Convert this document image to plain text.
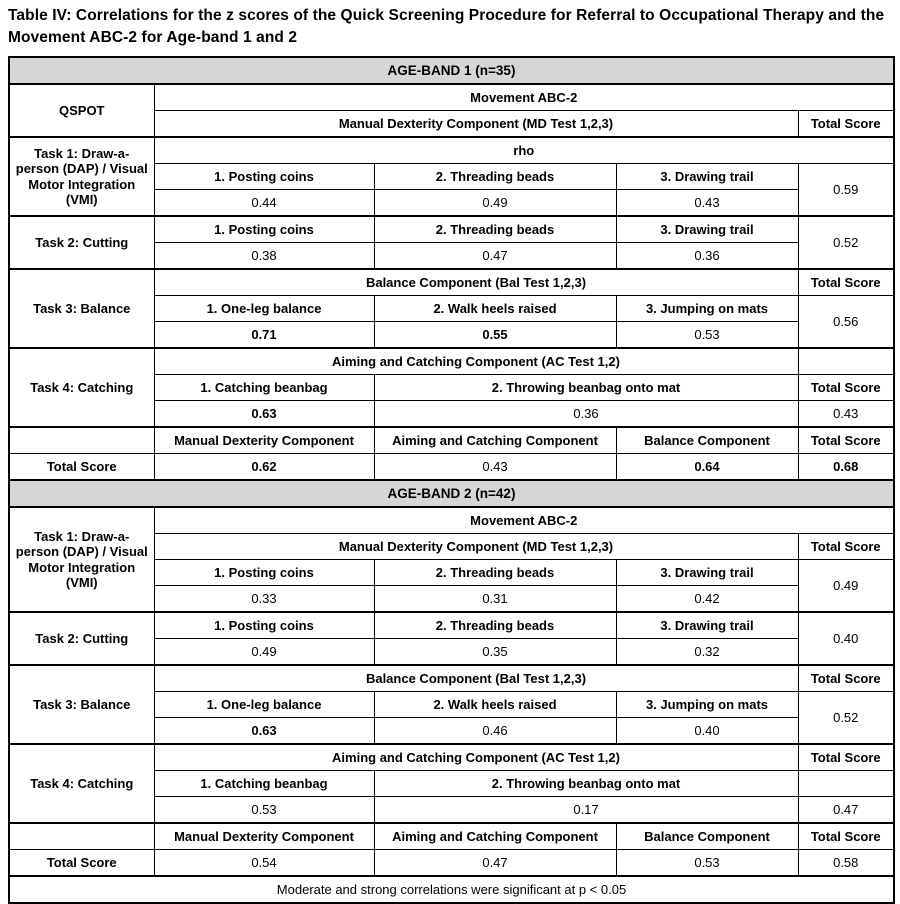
Table IV: Correlations for the z scores of the Quick Screening Procedure for Referral to Occupational Therapy and the Movement ABC-2 for Age-band 1 and 2
AGE-BAND 1 (n=35)				
QSPOT	Movement ABC-2			
	Manual Dexterity Component (MD Test 1,2,3)			Total Score
Task 1: Draw-a-person (DAP) / Visual Motor Integration (VMI)	rho			
	1. Posting coins	2. Threading beads	3. Drawing trail	0.59
	0.44	0.49	0.43	
Task 2: Cutting	1. Posting coins	2. Threading beads	3. Drawing trail	0.52
	0.38	0.47	0.36	
Task 3: Balance	Balance Component (Bal Test 1,2,3)			Total Score
	1. One-leg balance	2. Walk heels raised	3. Jumping on mats	0.56
	0.71	0.55	0.53	
Task 4: Catching	Aiming and Catching Component (AC Test 1,2)			
	1. Catching beanbag	2. Throwing beanbag onto mat		Total Score
	0.63	0.36		0.43
	Manual Dexterity Component	Aiming and Catching Component	Balance Component	Total Score
Total Score	0.62	0.43	0.64	0.68
AGE-BAND 2 (n=42)				
Task 1: Draw-a-person (DAP) / Visual Motor Integration (VMI)	Movement ABC-2			
	Manual Dexterity Component (MD Test 1,2,3)			Total Score
	1. Posting coins	2. Threading beads	3. Drawing trail	0.49
	0.33	0.31	0.42	
Task 2: Cutting	1. Posting coins	2. Threading beads	3. Drawing trail	0.40
	0.49	0.35	0.32	
Task 3: Balance	Balance Component (Bal Test 1,2,3)			Total Score
	1. One-leg balance	2. Walk heels raised	3. Jumping on mats	0.52
	0.63	0.46	0.40	
Task 4: Catching	Aiming and Catching Component (AC Test 1,2)			Total Score
	1. Catching beanbag	2. Throwing beanbag onto mat		
	0.53	0.17		0.47
	Manual Dexterity Component	Aiming and Catching Component	Balance Component	Total Score
Total Score	0.54	0.47	0.53	0.58
Moderate and strong correlations were significant at p < 0.05				
